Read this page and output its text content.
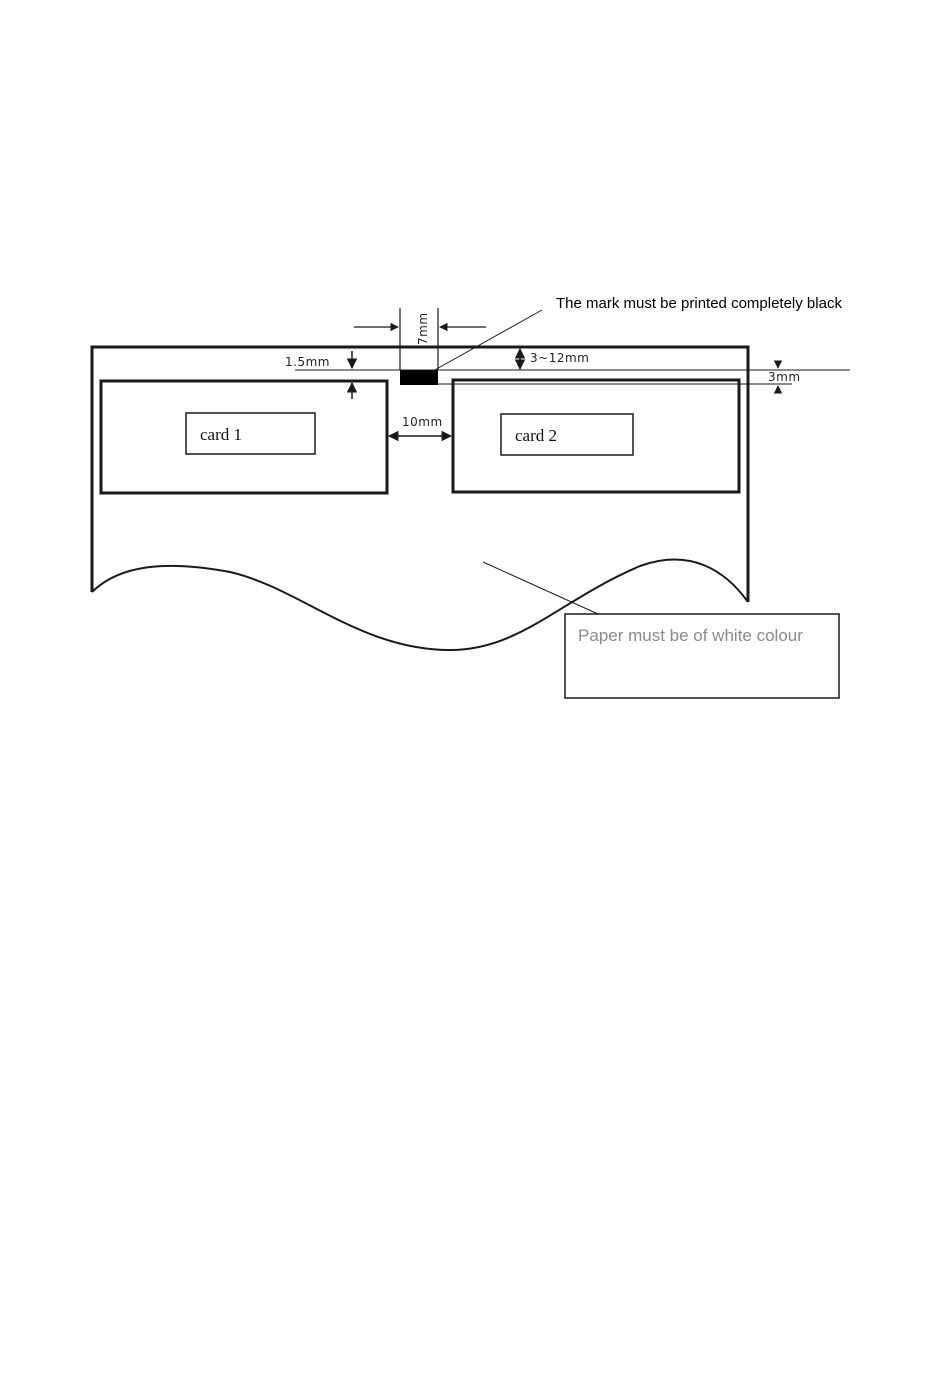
card 1	card 2
7mm
1.5mm	3~12mm
3mm
10mm
The mark must be printed completely black
Paper must be of white colour
